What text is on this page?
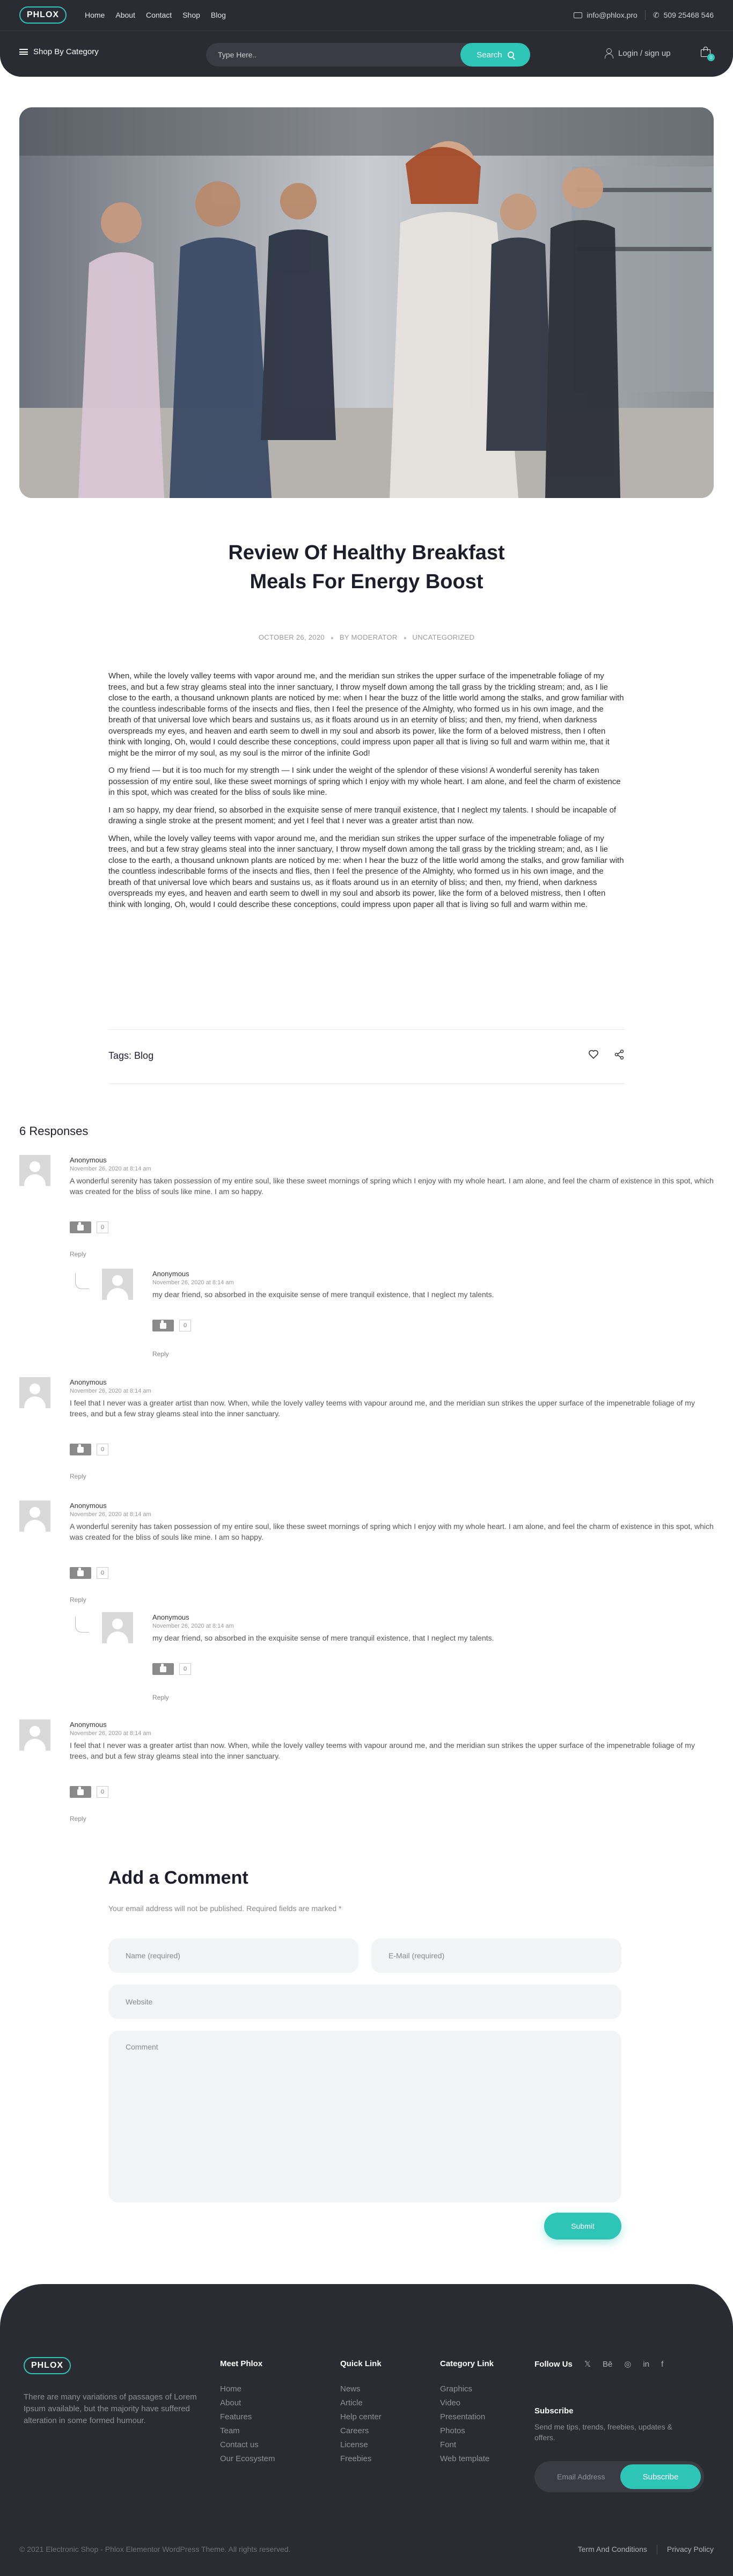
PHLOX	Home About Contact Shop Blog	info@phlox.pro ✆ 509 25468 546
Shop By Category
Type Here..	Search	Login / sign up	0
Review Of Healthy Breakfast Meals For Energy Boost
OCTOBER 26, 2020 BY MODERATOR UNCATEGORIZED

When, while the lovely valley teems with vapor around me, and the meridian sun strikes the upper surface of the impenetrable foliage of my trees, and but a few stray gleams steal into the inner sanctuary, I throw myself down among the tall grass by the trickling stream; and, as I lie close to the earth, a thousand unknown plants are noticed by me: when I hear the buzz of the little world among the stalks, and grow familiar with the countless indescribable forms of the insects and flies, then I feel the presence of the Almighty, who formed us in his own image, and the breath of that universal love which bears and sustains us, as it floats around us in an eternity of bliss; and then, my friend, when darkness overspreads my eyes, and heaven and earth seem to dwell in my soul and absorb its power, like the form of a beloved mistress, then I often think with longing, Oh, would I could describe these conceptions, could impress upon paper all that is living so full and warm within me, that it might be the mirror of my soul, as my soul is the mirror of the infinite God!

O my friend — but it is too much for my strength — I sink under the weight of the splendor of these visions! A wonderful serenity has taken possession of my entire soul, like these sweet mornings of spring which I enjoy with my whole heart. I am alone, and feel the charm of existence in this spot, which was created for the bliss of souls like mine.

I am so happy, my dear friend, so absorbed in the exquisite sense of mere tranquil existence, that I neglect my talents. I should be incapable of drawing a single stroke at the present moment; and yet I feel that I never was a greater artist than now.

When, while the lovely valley teems with vapor around me, and the meridian sun strikes the upper surface of the impenetrable foliage of my trees, and but a few stray gleams steal into the inner sanctuary, I throw myself down among the tall grass by the trickling stream; and, as I lie close to the earth, a thousand unknown plants are noticed by me: when I hear the buzz of the little world among the stalks, and grow familiar with the countless indescribable forms of the insects and flies, then I feel the presence of the Almighty, who formed us in his own image, and the breath of that universal love which bears and sustains us, as it floats around us in an eternity of bliss; and then, my friend, when darkness overspreads my eyes, and heaven and earth seem to dwell in my soul and absorb its power, like the form of a beloved mistress, then I often think with longing, Oh, would I could describe these conceptions, could impress upon paper all that is living so full and warm within me.

Tags: Blog
6 Responses
Anonymous
November 26, 2020 at 8:14 am
A wonderful serenity has taken possession of my entire soul, like these sweet mornings of spring which I enjoy with my whole heart. I am alone, and feel the charm of existence in this spot, which was created for the bliss of souls like mine. I am so happy.
0
Reply
Anonymous
November 26, 2020 at 8:14 am
my dear friend, so absorbed in the exquisite sense of mere tranquil existence, that I neglect my talents.
0
Reply
Anonymous
November 26, 2020 at 8:14 am
I feel that I never was a greater artist than now. When, while the lovely valley teems with vapour around me, and the meridian sun strikes the upper surface of the impenetrable foliage of my trees, and but a few stray gleams steal into the inner sanctuary.
0
Reply
Anonymous
November 26, 2020 at 8:14 am
A wonderful serenity has taken possession of my entire soul, like these sweet mornings of spring which I enjoy with my whole heart. I am alone, and feel the charm of existence in this spot, which was created for the bliss of souls like mine. I am so happy.
0
Reply
Anonymous
November 26, 2020 at 8:14 am
my dear friend, so absorbed in the exquisite sense of mere tranquil existence, that I neglect my talents.
0
Reply
Anonymous
November 26, 2020 at 8:14 am
I feel that I never was a greater artist than now. When, while the lovely valley teems with vapour around me, and the meridian sun strikes the upper surface of the impenetrable foliage of my trees, and but a few stray gleams steal into the inner sanctuary.
0
Reply
Add a Comment
Your email address will not be published. Required fields are marked *
Name (required)
E-Mail (required)
Website
Comment
Submit
PHLOX
There are many variations of passages of Lorem Ipsum available, but the majority have suffered alteration in some formed humour.
Meet Phlox
Home
About
Features
Team
Contact us
Our Ecosystem
Quick Link
News
Article
Help center
Careers
License
Freebies
Category Link
Graphics
Video
Presentation
Photos
Font
Web template
Follow Us 𝕏 Bē ◎ in f
Subscribe
Send me tips, trends, freebies, updates & offers.
Email Address
Subscribe
© 2021 Electronic Shop - Phlox Elementor WordPress Theme. All rights reserved.	Term And Conditions	Privacy Policy
